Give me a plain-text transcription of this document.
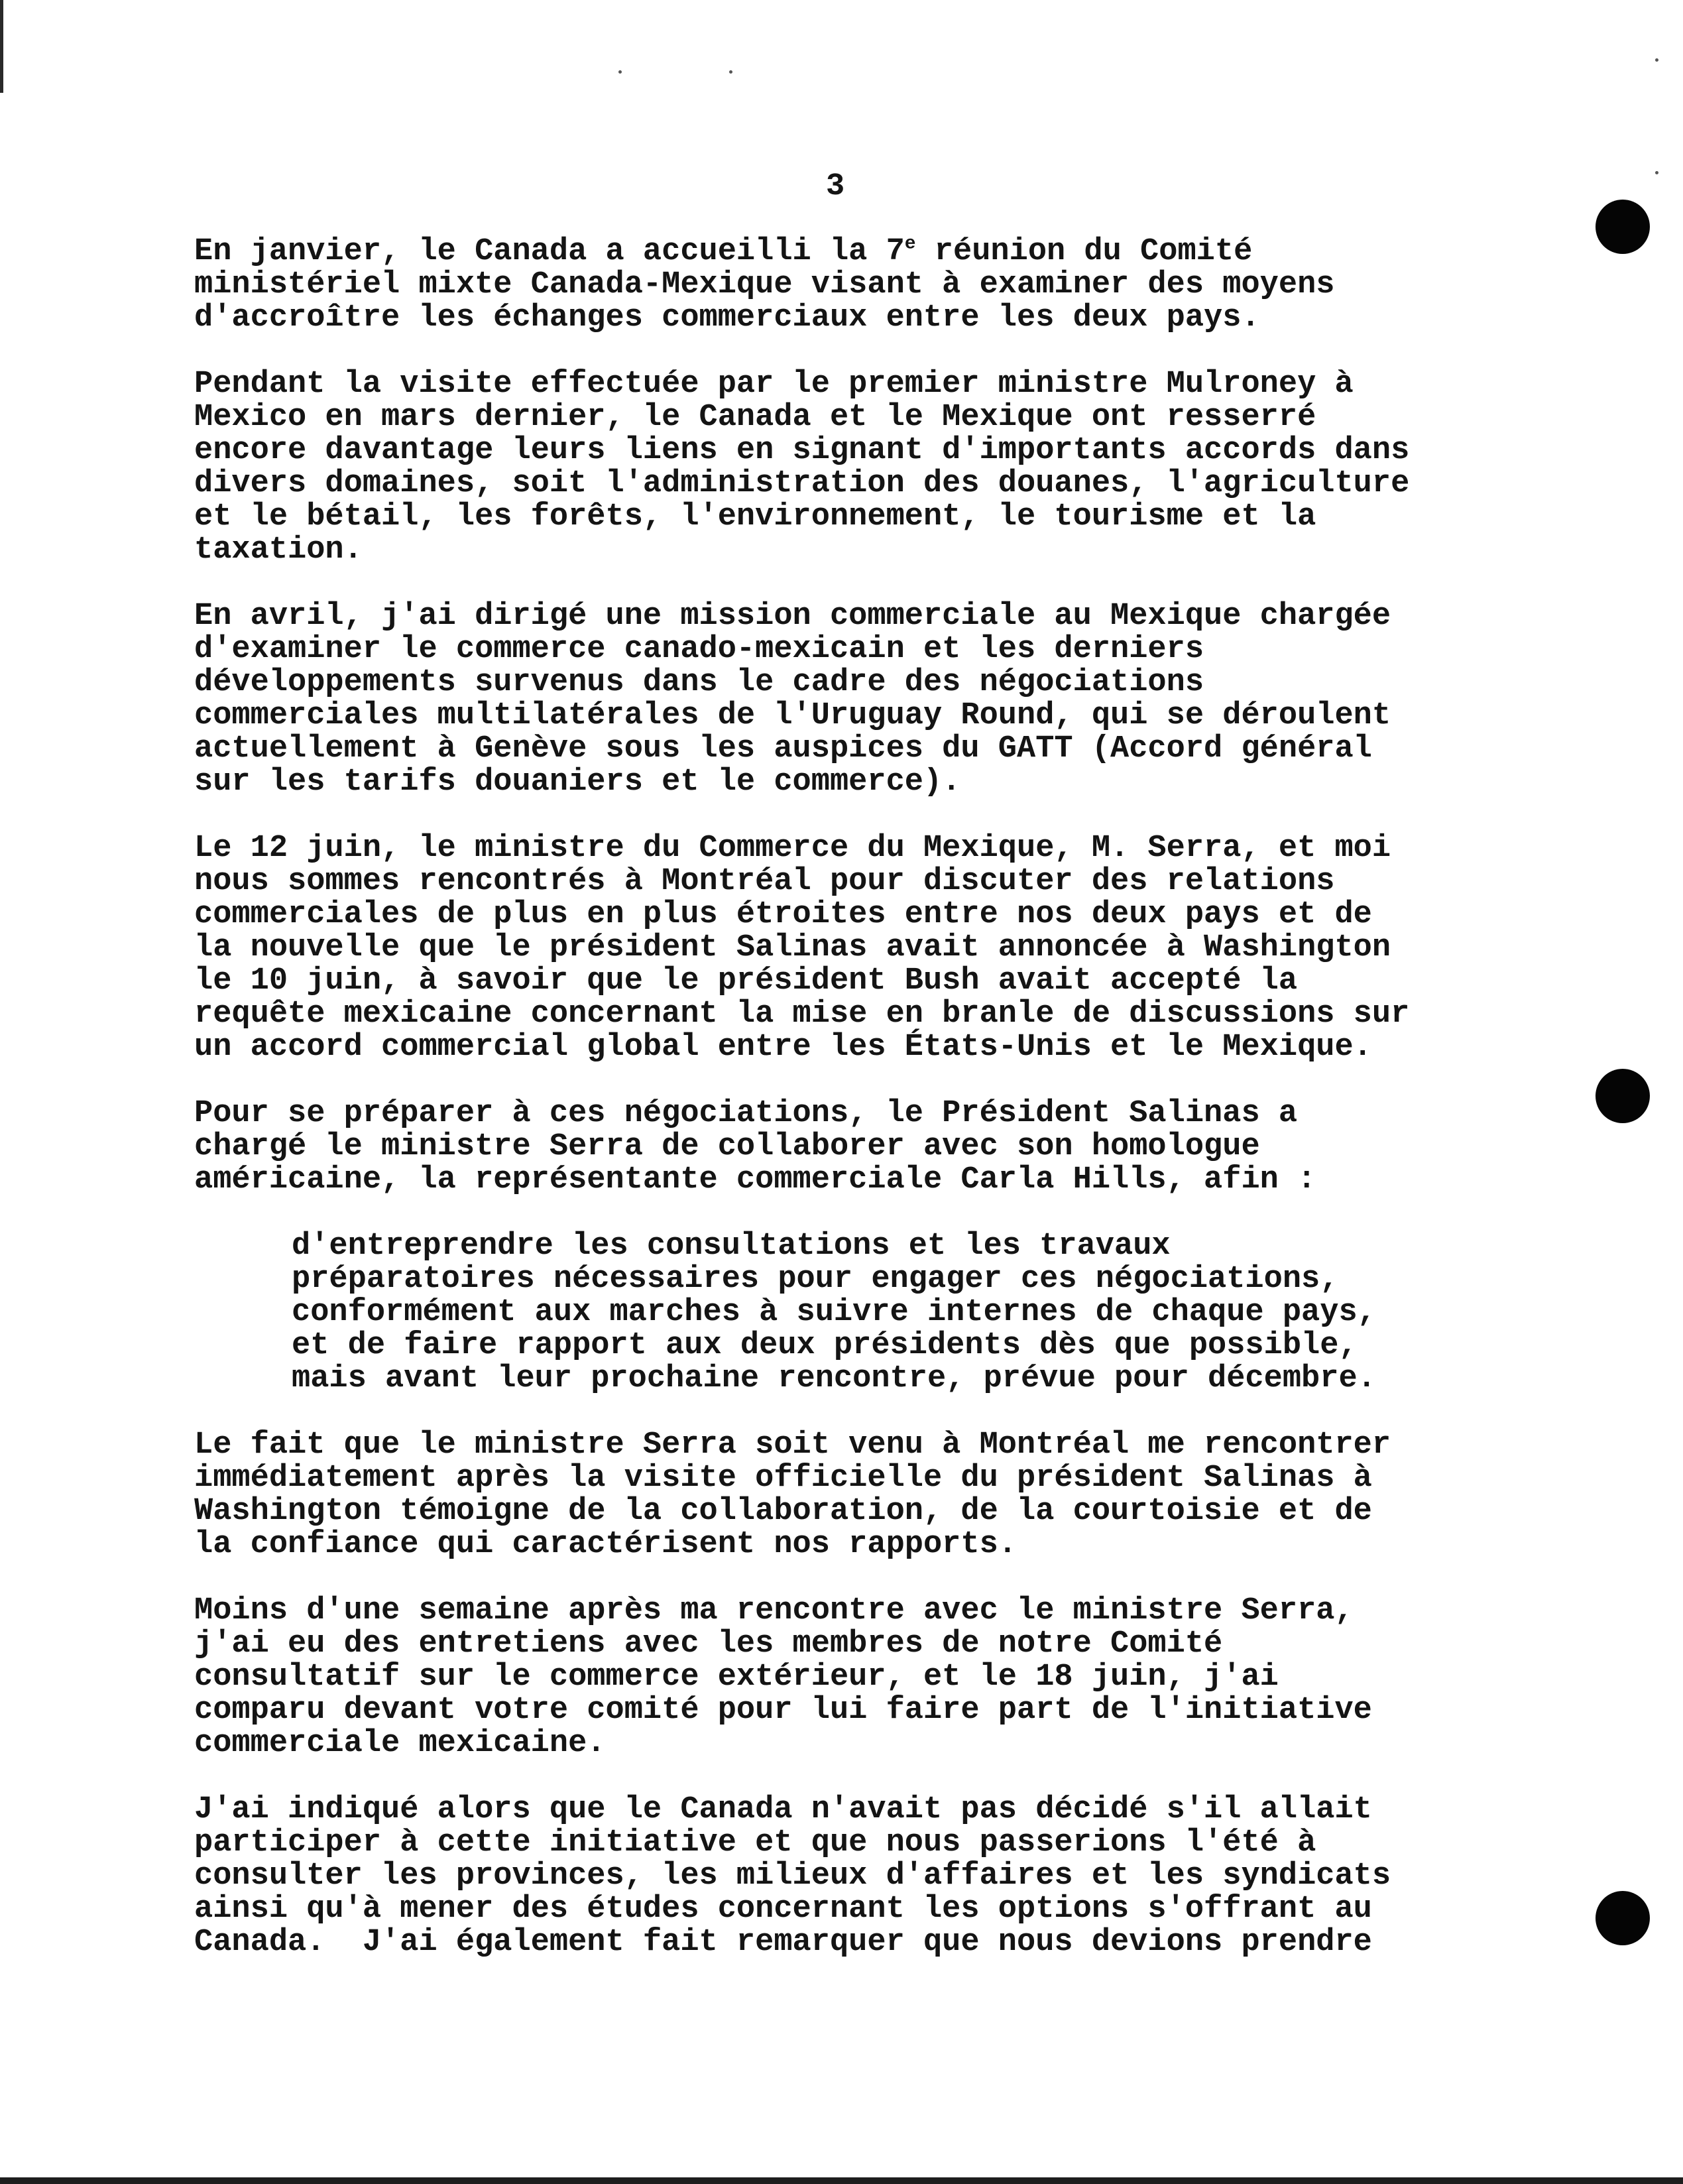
3
En janvier, le Canada a accueilli la 7e réunion du Comité
ministériel mixte Canada-Mexique visant à examiner des moyens
d'accroître les échanges commerciaux entre les deux pays.
Pendant la visite effectuée par le premier ministre Mulroney à
Mexico en mars dernier, le Canada et le Mexique ont resserré
encore davantage leurs liens en signant d'importants accords dans
divers domaines, soit l'administration des douanes, l'agriculture
et le bétail, les forêts, l'environnement, le tourisme et la
taxation.
En avril, j'ai dirigé une mission commerciale au Mexique chargée
d'examiner le commerce canado-mexicain et les derniers
développements survenus dans le cadre des négociations
commerciales multilatérales de l'Uruguay Round, qui se déroulent
actuellement à Genève sous les auspices du GATT (Accord général
sur les tarifs douaniers et le commerce).
Le 12 juin, le ministre du Commerce du Mexique, M. Serra, et moi
nous sommes rencontrés à Montréal pour discuter des relations
commerciales de plus en plus étroites entre nos deux pays et de
la nouvelle que le président Salinas avait annoncée à Washington
le 10 juin, à savoir que le président Bush avait accepté la
requête mexicaine concernant la mise en branle de discussions sur
un accord commercial global entre les États-Unis et le Mexique.
Pour se préparer à ces négociations, le Président Salinas a
chargé le ministre Serra de collaborer avec son homologue
américaine, la représentante commerciale Carla Hills, afin :
d'entreprendre les consultations et les travaux
préparatoires nécessaires pour engager ces négociations,
conformément aux marches à suivre internes de chaque pays,
et de faire rapport aux deux présidents dès que possible,
mais avant leur prochaine rencontre, prévue pour décembre.
Le fait que le ministre Serra soit venu à Montréal me rencontrer
immédiatement après la visite officielle du président Salinas à
Washington témoigne de la collaboration, de la courtoisie et de
la confiance qui caractérisent nos rapports.
Moins d'une semaine après ma rencontre avec le ministre Serra,
j'ai eu des entretiens avec les membres de notre Comité
consultatif sur le commerce extérieur, et le 18 juin, j'ai
comparu devant votre comité pour lui faire part de l'initiative
commerciale mexicaine.
J'ai indiqué alors que le Canada n'avait pas décidé s'il allait
participer à cette initiative et que nous passerions l'été à
consulter les provinces, les milieux d'affaires et les syndicats
ainsi qu'à mener des études concernant les options s'offrant au
Canada.  J'ai également fait remarquer que nous devions prendre
